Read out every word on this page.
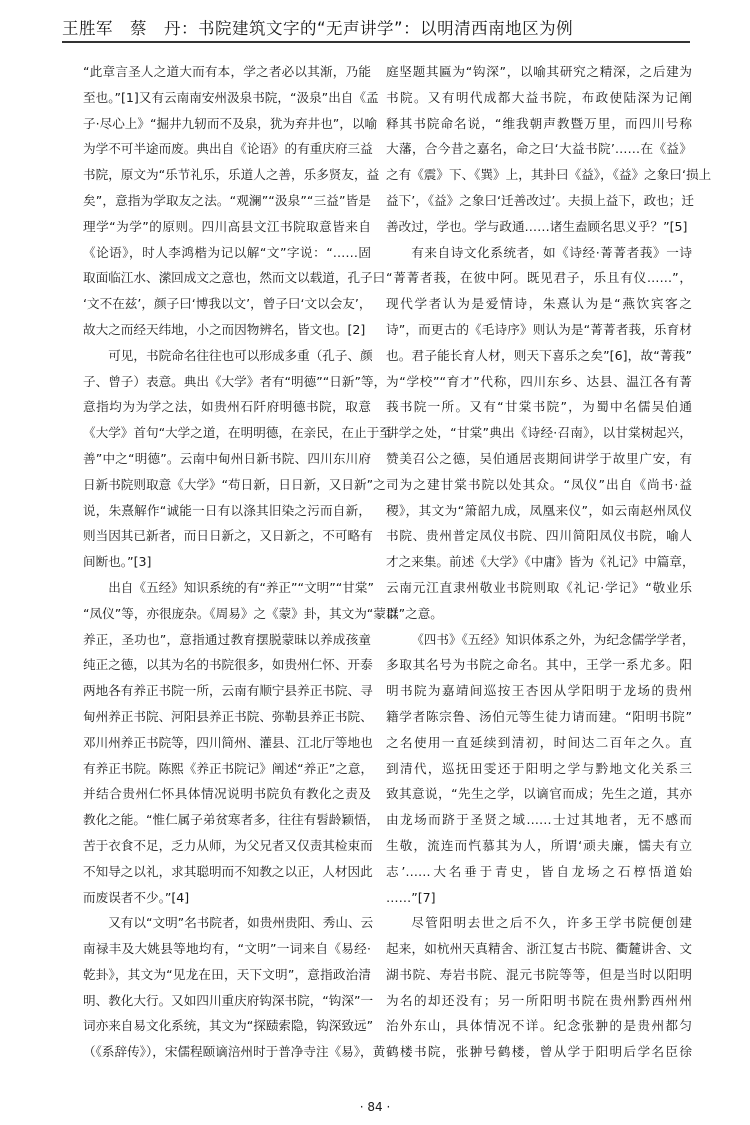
王胜军　蔡　丹：书院建筑文字的“无声讲学”：以明清西南地区为例
“此章言圣人之道大而有本，学之者必以其渐，乃能
至也。”[1]又有云南南安州汲泉书院，“汲泉”出自《孟
子·尽心上》“掘井九轫而不及泉，犹为弃井也”，以喻
为学不可半途而废。典出自《论语》的有重庆府三益
书院，原文为“乐节礼乐，乐道人之善，乐多贤友，益
矣”，意指为学取友之法。“观澜”“汲泉”“三益”皆是
理学“为学”的原则。四川高县文江书院取意皆来自
《论语》，时人李鸿楷为记以解“文”字说：“……固
取面临江水、潆回成文之意也，然而文以载道，孔子曰
‘文不在兹’，颜子曰‘博我以文’，曾子曰‘文以会友’，
故大之而经天纬地，小之而因物辨名，皆文也。[2]
可见，书院命名往往也可以形成多重（孔子、颜
子、曾子）表意。典出《大学》者有“明德”“日新”等，
意指均为为学之法，如贵州石阡府明德书院，取意
《大学》首句“大学之道，在明明德，在亲民，在止于至
善”中之“明德”。云南中甸州日新书院、四川东川府
日新书院则取意《大学》“苟日新，日日新，又日新”之
说，朱熹解作“诚能一日有以涤其旧染之污而自新，
则当因其已新者，而日日新之，又日新之，不可略有
间断也。”[3]
出自《五经》知识系统的有“养正”“文明”“甘棠”
“凤仪”等，亦很庞杂。《周易》之《蒙》卦，其文为“蒙以
养正，圣功也”，意指通过教育摆脱蒙昧以养成孩童
纯正之德，以其为名的书院很多，如贵州仁怀、开泰
两地各有养正书院一所，云南有顺宁县养正书院、寻
甸州养正书院、河阳县养正书院、弥勒县养正书院、
邓川州养正书院等，四川简州、灌县、江北厅等地也
有养正书院。陈熙《养正书院记》阐述“养正”之意，
并结合贵州仁怀具体情况说明书院负有教化之责及
教化之能。“惟仁属子弟贫寒者多，往往有髫龄颖悟，
苦于衣食不足，乏力从师，为父兄者又仅责其检束而
不知导之以礼，求其聪明而不知教之以正，人材因此
而废误者不少。”[4]
又有以“文明”名书院者，如贵州贵阳、秀山、云
南禄丰及大姚县等地均有，“文明”一词来自《易经·
乾卦》，其文为“见龙在田，天下文明”，意指政治清
明、教化大行。又如四川重庆府钩深书院，“钩深”一
词亦来自易文化系统，其文为“探赜索隐，钩深致远”
（《系辞传》），宋儒程颐谪涪州时于普净寺注《易》，黄
庭坚题其匾为“钩深”，以喻其研究之精深，之后建为
书院。又有明代成都大益书院，布政使陆深为记阐
释其书院命名说，“维我朝声教暨万里，而四川号称
大藩，合今昔之嘉名，命之曰‘大益书院’……在《益》
之有《震》下、《巽》上，其卦曰《益》，《益》之象曰‘损上
益下’，《益》之象曰‘迁善改过’。夫损上益下，政也；迁
善改过，学也。学与政通……诸生盍顾名思义乎？”[5]
有来自诗文化系统者，如《诗经·菁菁者莪》一诗
“菁菁者莪，在彼中阿。既见君子，乐且有仪……”，
现代学者认为是爱情诗，朱熹认为是“燕饮宾客之
诗”，而更古的《毛诗序》则认为是“菁菁者莪，乐育材
也。君子能长育人材，则天下喜乐之矣”[6]，故“菁莪”
为“学校”“育才”代称，四川东乡、达县、温江各有菁
莪书院一所。又有“甘棠书院”，为蜀中名儒吴伯通
讲学之处，“甘棠”典出《诗经·召南》，以甘棠树起兴，
赞美召公之德，吴伯通居丧期间讲学于故里广安，有
司为之建甘棠书院以处其众。“凤仪”出自《尚书·益
稷》，其文为“箫韶九成，凤凰来仪”，如云南赵州凤仪
书院、贵州普定凤仪书院、四川简阳凤仪书院，喻人
才之来集。前述《大学》《中庸》皆为《礼记》中篇章，
云南元江直隶州敬业书院则取《礼记·学记》“敬业乐
群”之意。
《四书》《五经》知识体系之外，为纪念儒学学者，
多取其名号为书院之命名。其中，王学一系尤多。阳
明书院为嘉靖间巡按王杏因从学阳明于龙场的贵州
籍学者陈宗鲁、汤伯元等生徒力请而建。“阳明书院”
之名使用一直延续到清初，时间达二百年之久。直
到清代，巡抚田雯还于阳明之学与黔地文化关系三
致其意说，“先生之学，以谪官而成；先生之道，其亦
由龙场而跻于圣贤之域……士过其地者，无不感而
生敬，流连而忾慕其为人，所谓‘顽夫廉，懦夫有立
志’……大名垂于青史，皆自龙场之石椁悟道始
……”[7]
尽管阳明去世之后不久，许多王学书院便创建
起来，如杭州天真精舍、浙江复古书院、衢麓讲舍、文
湖书院、寿岩书院、混元书院等等，但是当时以阳明
为名的却还没有；另一所阳明书院在贵州黔西州州
治外东山，具体情况不详。纪念张翀的是贵州都匀
鹤楼书院，张翀号鹤楼，曾从学于阳明后学名臣徐
· 84 ·
